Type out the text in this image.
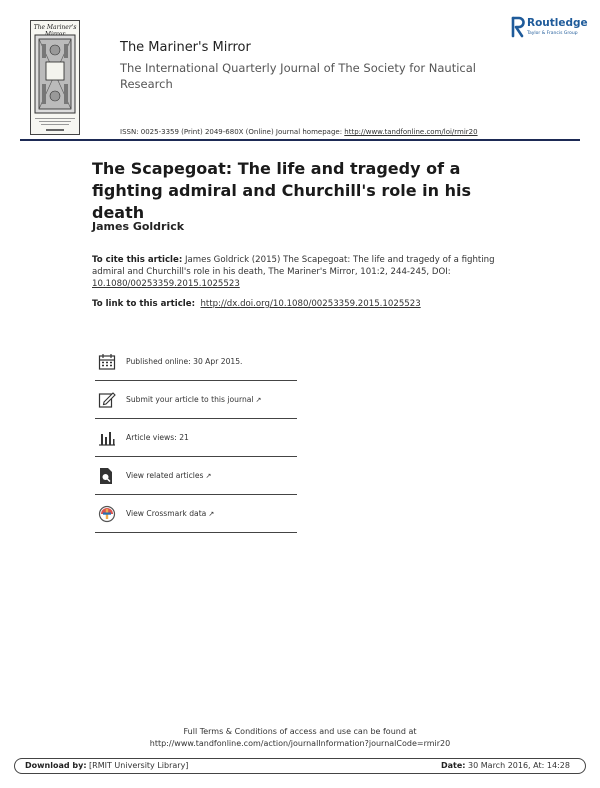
The Mariner's
The Mariner's Mirror
The International Quarterly Journal of The Society for Nautical Research
ISSN: 0025-3359 (Print) 2049-680X (Online) Journal homepage: http://www.tandfonline.com/loi/rmir20
Routledge
Taylor & Francis Group
The Scapegoat: The life and tragedy of a fighting admiral and Churchill's role in his death
James Goldrick
To cite this article: James Goldrick (2015) The Scapegoat: The life and tragedy of a fighting admiral and Churchill's role in his death, The Mariner's Mirror, 101:2, 244-245, DOI: 10.1080/00253359.2015.1025523
To link to this article: http://dx.doi.org/10.1080/00253359.2015.1025523
Published online: 30 Apr 2015.
Submit your article to this journal ↗
Article views: 21
View related articles ↗
View Crossmark data ↗
Full Terms & Conditions of access and use can be found at
http://www.tandfonline.com/action/journalInformation?journalCode=rmir20
Download by: [RMIT University Library]	Date: 30 March 2016, At: 14:28
